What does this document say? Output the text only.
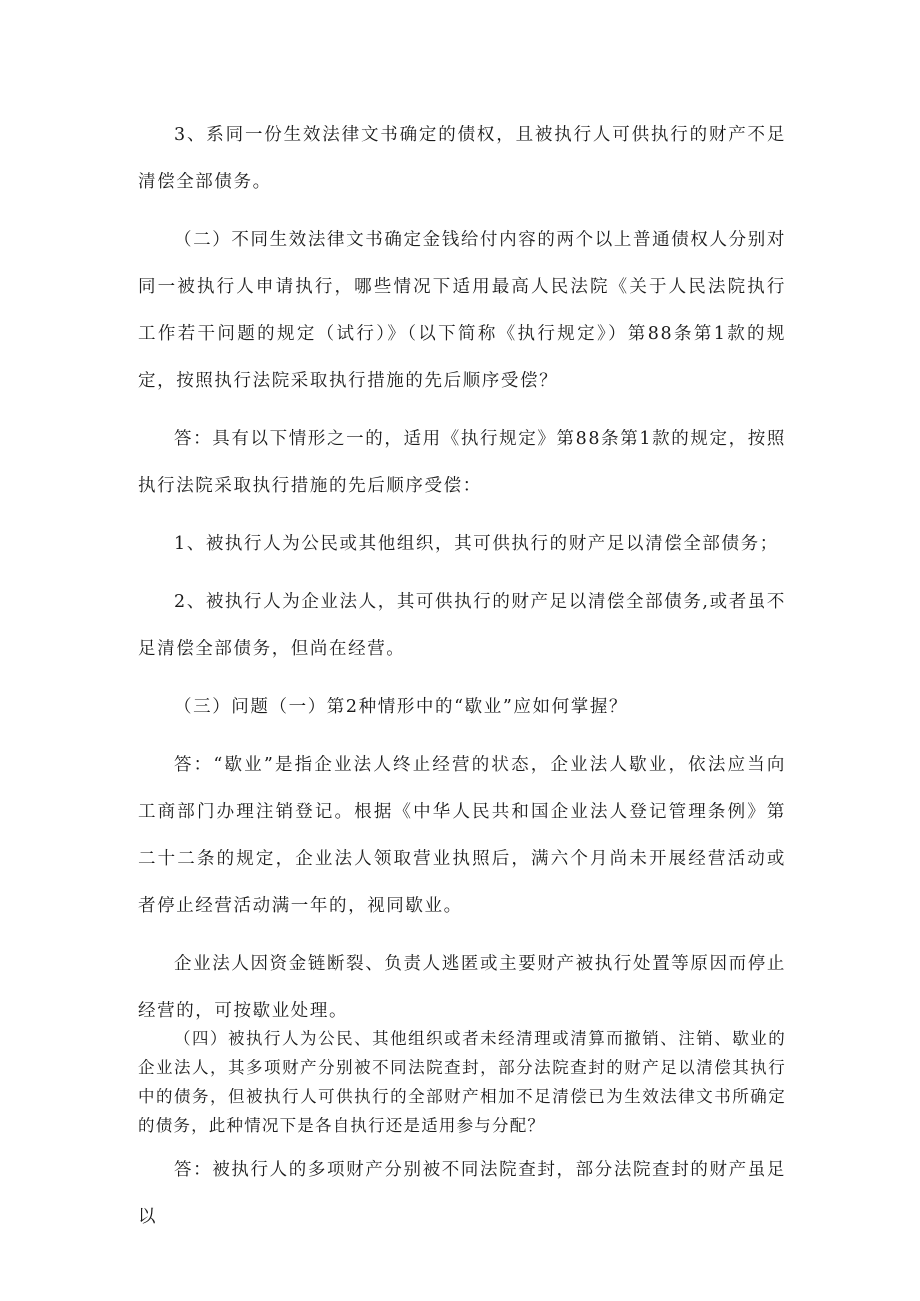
3、系同一份生效法律文书确定的债权，且被执行人可供执行的财产不足清偿全部债务。

（二）不同生效法律文书确定金钱给付内容的两个以上普通债权人分别对同一被执行人申请执行，哪些情况下适用最高人民法院《关于人民法院执行工作若干问题的规定（试行）》（以下简称《执行规定》）第88条第1款的规定，按照执行法院采取执行措施的先后顺序受偿？

答：具有以下情形之一的，适用《执行规定》第88条第1款的规定，按照执行法院采取执行措施的先后顺序受偿：

1、被执行人为公民或其他组织，其可供执行的财产足以清偿全部债务；

2、被执行人为企业法人，其可供执行的财产足以清偿全部债务,或者虽不足清偿全部债务，但尚在经营。

（三）问题（一）第2种情形中的“歇业”应如何掌握？

答：“歇业”是指企业法人终止经营的状态，企业法人歇业，依法应当向工商部门办理注销登记。根据《中华人民共和国企业法人登记管理条例》第二十二条的规定，企业法人领取营业执照后，满六个月尚未开展经营活动或者停止经营活动满一年的，视同歇业。

企业法人因资金链断裂、负责人逃匿或主要财产被执行处置等原因而停止经营的，可按歇业处理。

（四）被执行人为公民、其他组织或者未经清理或清算而撤销、注销、歇业的企业法人，其多项财产分别被不同法院查封，部分法院查封的财产足以清偿其执行中的债务，但被执行人可供执行的全部财产相加不足清偿已为生效法律文书所确定的债务，此种情况下是各自执行还是适用参与分配？

答：被执行人的多项财产分别被不同法院查封，部分法院查封的财产虽足以
